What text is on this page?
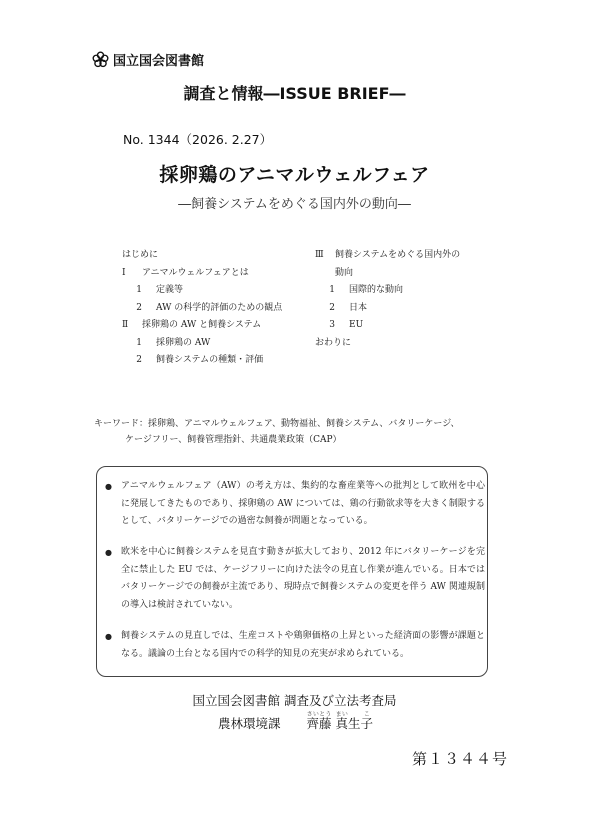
国立国会図書館
調査と情報―ISSUE BRIEF―
No. 1344（2026. 2.27）
採卵鶏のアニマルウェルフェア
―飼養システムをめぐる国内外の動向―
はじめに
Ⅰ アニマルウェルフェアとは
1 定義等
2 AW の科学的評価のための観点
Ⅱ 採卵鶏の AW と飼養システム
1 採卵鶏の AW
2 飼養システムの種類・評価
Ⅲ 飼養システムをめぐる国内外の
動向
1 国際的な動向
2 日本
3 EU
おわりに
キーワード：採卵鶏、アニマルウェルフェア、動物福祉、飼養システム、バタリーケージ、
ケージフリー、飼養管理指針、共通農業政策（CAP）
●	アニマルウェルフェア（AW）の考え方は、集約的な畜産業等への批判として欧州を中心に発展してきたものであり、採卵鶏の AW については、鶏の行動欲求等を大きく制限するとして、バタリーケージでの過密な飼養が問題となっている。
●	欧米を中心に飼養システムを見直す動きが拡大しており、2012 年にバタリーケージを完全に禁止した EU では、ケージフリーに向けた法令の見直し作業が進んでいる。日本ではバタリーケージでの飼養が主流であり、現時点で飼養システムの変更を伴う AW 関連規制の導入は検討されていない。
●	飼養システムの見直しでは、生産コストや鶏卵価格の上昇といった経済面の影響が課題となる。議論の土台となる国内での科学的知見の充実が求められている。
国立国会図書館 調査及び立法考査局
農林環境課 齊さい藤とう 真まい生子こ
第１３４４号
